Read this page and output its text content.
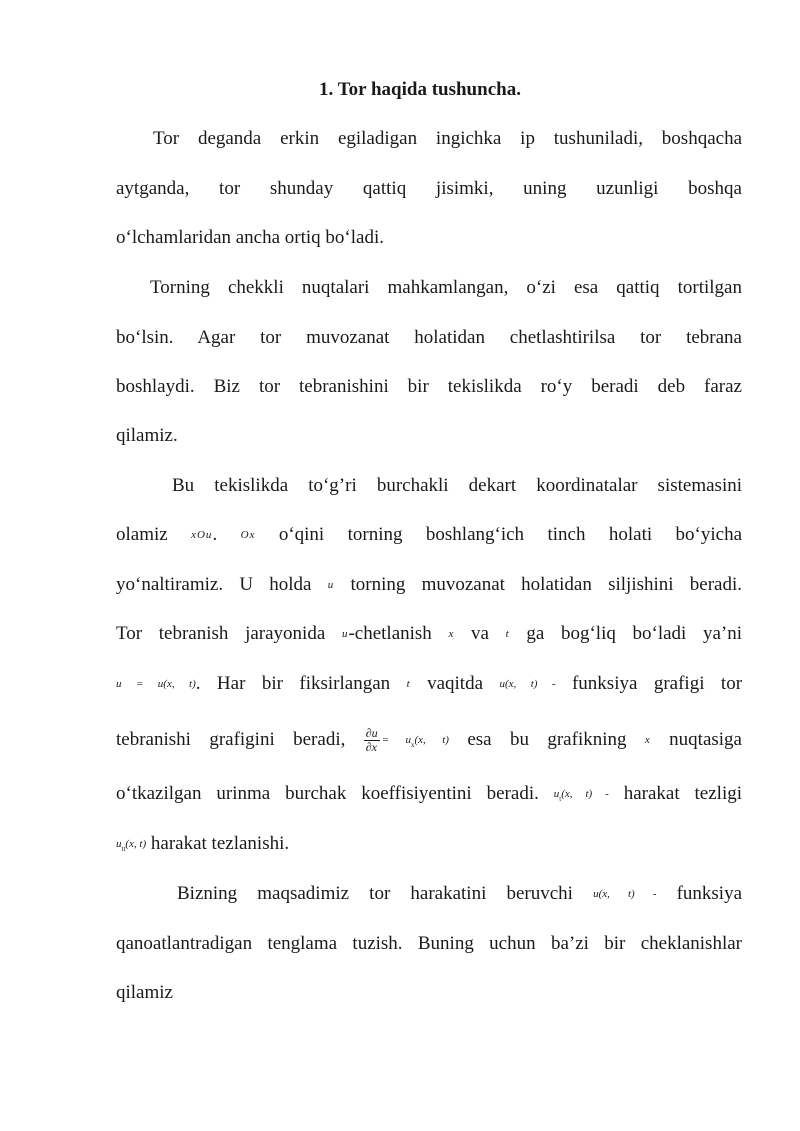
1. Tor haqida tushuncha.
Tor deganda erkin egiladigan ingichka ip tushuniladi, boshqacha
aytganda, tor shunday qattiq jisimki, uning uzunligi boshqa
o‘lchamlaridan ancha ortiq bo‘ladi.
Torning chekkli nuqtalari mahkamlangan, o‘zi esa qattiq tortilgan
bo‘lsin. Agar tor muvozanat holatidan chetlashtirilsa tor tebrana
boshlaydi. Biz tor tebranishini bir tekislikda ro‘y beradi deb faraz
qilamiz.
Bu tekislikda to‘g’ri burchakli dekart koordinatalar sistemasini
olamiz xOu. Ox o‘qini torning boshlang‘ich tinch holati bo‘yicha
yo‘naltiramiz. U holda u torning muvozanat holatidan siljishini beradi.
Tor tebranish jarayonida u-chetlanish x va t ga bog‘liq bo‘ladi ya’ni
u = u(x, t). Har bir fiksirlangan t vaqitda u(x, t) - funksiya grafigi tor
tebranishi grafigini beradi, $\frac{\partial u}{\partial x} = u_x(x$, t) esa bu grafikning x nuqtasiga
o‘tkazilgan urinma burchak koeffisiyentini beradi. $u_t(x$, t) - harakat tezligi
$u_{tt}(x$, t) harakat tezlanishi.
Bizning maqsadimiz tor harakatini beruvchi u(x, t) - funksiya
qanoatlantradigan tenglama tuzish. Buning uchun ba’zi bir cheklanishlar
qilamiz
